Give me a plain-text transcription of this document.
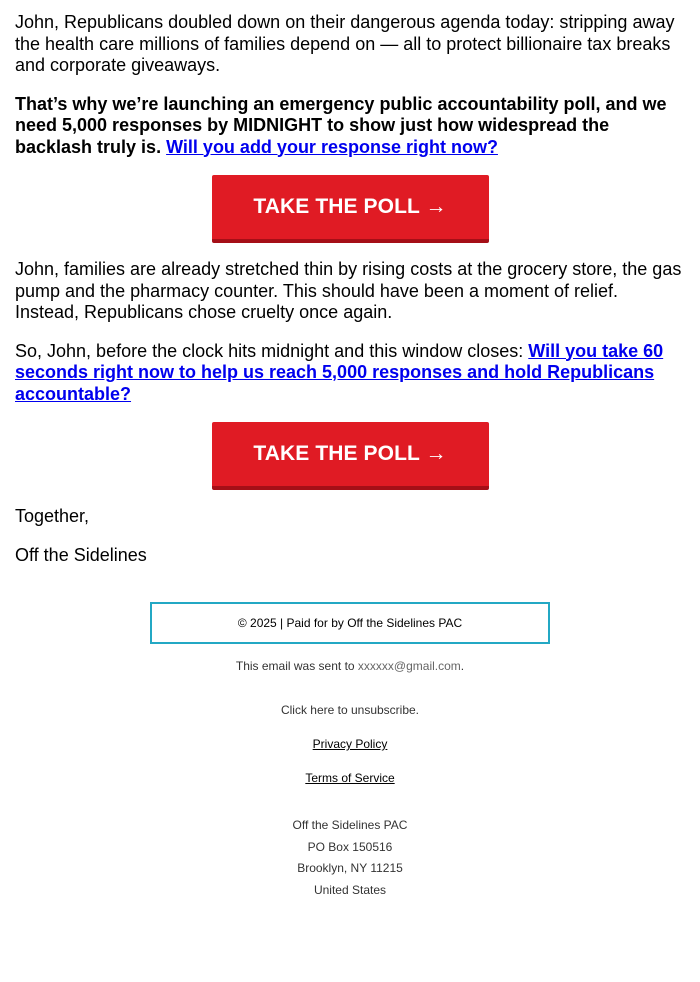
John, Republicans doubled down on their dangerous agenda today: stripping away the health care millions of families depend on — all to protect billionaire tax breaks and corporate giveaways.

That’s why we’re launching an emergency public accountability poll, and we need 5,000 responses by MIDNIGHT to show just how widespread the backlash truly is. Will you add your response right now?

TAKE THE POLL →

John, families are already stretched thin by rising costs at the grocery store, the gas pump and the pharmacy counter. This should have been a moment of relief. Instead, Republicans chose cruelty once again.

So, John, before the clock hits midnight and this window closes: Will you take 60 seconds right now to help us reach 5,000 responses and hold Republicans accountable?

TAKE THE POLL →

Together,

Off the Sidelines

© 2025 | Paid for by Off the Sidelines PAC
This email was sent to xxxxxx@gmail.com.
Click here to unsubscribe.
Privacy Policy
Terms of Service
Off the Sidelines PAC
PO Box 150516
Brooklyn, NY 11215
United States
